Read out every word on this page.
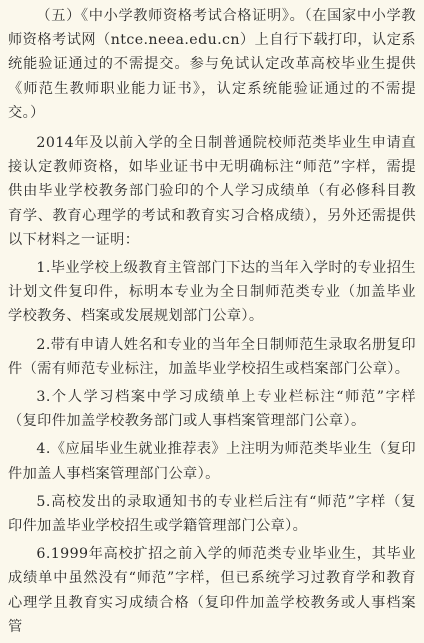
（五）《中小学教师资格考试合格证明》。（在国家中小学教师资格考试网（ntce.neea.edu.cn）上自行下载打印，认定系统能验证通过的不需提交。参与免试认定改革高校毕业生提供《师范生教师职业能力证书》，认定系统能验证通过的不需提交。）

2014年及以前入学的全日制普通院校师范类毕业生申请直接认定教师资格，如毕业证书中无明确标注“师范”字样，需提供由毕业学校教务部门验印的个人学习成绩单（有必修科目教育学、教育心理学的考试和教育实习合格成绩），另外还需提供以下材料之一证明：

1.毕业学校上级教育主管部门下达的当年入学时的专业招生计划文件复印件，标明本专业为全日制师范类专业（加盖毕业学校教务、档案或发展规划部门公章）。

2.带有申请人姓名和专业的当年全日制师范生录取名册复印件（需有师范专业标注，加盖毕业学校招生或档案部门公章）。

3.个人学习档案中学习成绩单上专业栏标注“师范”字样（复印件加盖学校教务部门或人事档案管理部门公章）。

4.《应届毕业生就业推荐表》上注明为师范类毕业生（复印件加盖人事档案管理部门公章）。

5.高校发出的录取通知书的专业栏后注有“师范”字样（复印件加盖毕业学校招生或学籍管理部门公章）。

6.1999年高校扩招之前入学的师范类专业毕业生，其毕业成绩单中虽然没有“师范”字样，但已系统学习过教育学和教育心理学且教育实习成绩合格（复印件加盖学校教务或人事档案管
